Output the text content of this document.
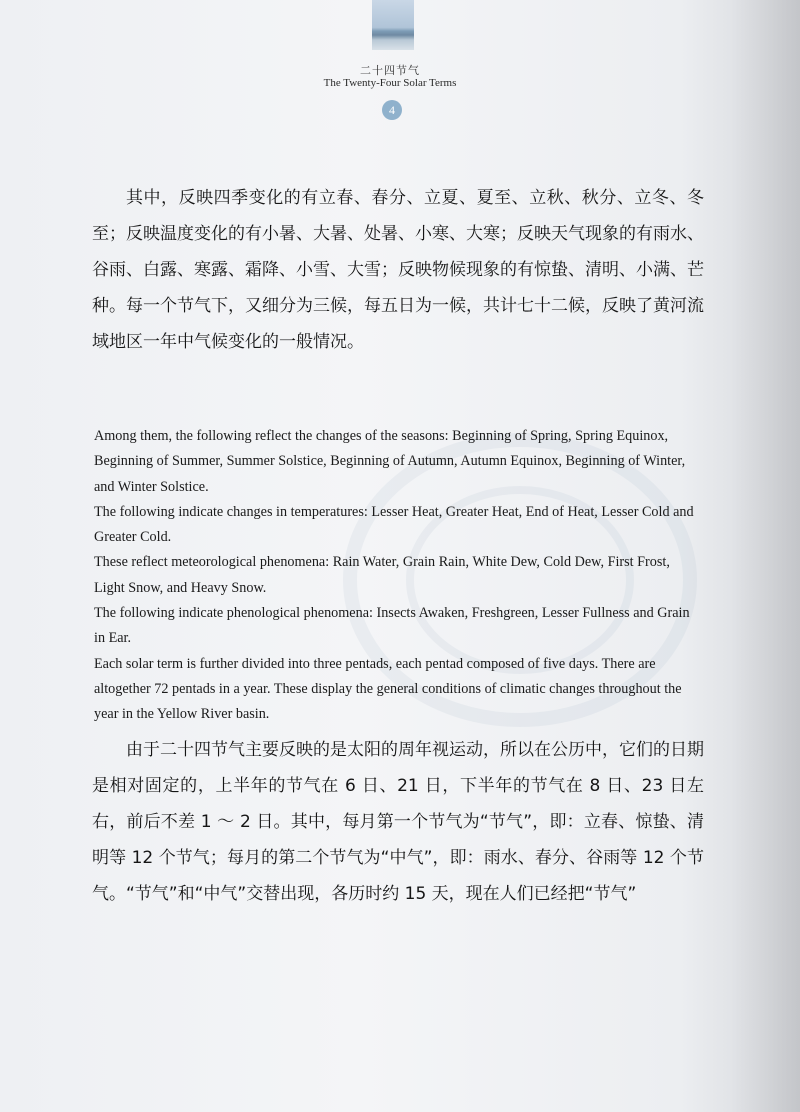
二十四节气
The Twenty-Four Solar Terms
4

其中，反映四季变化的有立春、春分、立夏、夏至、立秋、秋分、立冬、冬至；反映温度变化的有小暑、大暑、处暑、小寒、大寒；反映天气现象的有雨水、谷雨、白露、寒露、霜降、小雪、大雪；反映物候现象的有惊蛰、清明、小满、芒种。每一个节气下，又细分为三候，每五日为一候，共计七十二候，反映了黄河流域地区一年中气候变化的一般情况。

Among them, the following reflect the changes of the seasons: Beginning of Spring, Spring Equinox, Beginning of Summer, Summer Solstice, Beginning of Autumn, Autumn Equinox, Beginning of Winter, and Winter Solstice.

The following indicate changes in temperatures: Lesser Heat, Greater Heat, End of Heat, Lesser Cold and Greater Cold.

These reflect meteorological phenomena: Rain Water, Grain Rain, White Dew, Cold Dew, First Frost, Light Snow, and Heavy Snow.

The following indicate phenological phenomena: Insects Awaken, Freshgreen, Lesser Fullness and Grain in Ear.

Each solar term is further divided into three pentads, each pentad composed of five days. There are altogether 72 pentads in a year. These display the general conditions of climatic changes throughout the year in the Yellow River basin.

由于二十四节气主要反映的是太阳的周年视运动，所以在公历中，它们的日期是相对固定的，上半年的节气在 6 日、21 日，下半年的节气在 8 日、23 日左右，前后不差 1 ～ 2 日。其中，每月第一个节气为“节气”，即：立春、惊蛰、清明等 12 个节气；每月的第二个节气为“中气”，即：雨水、春分、谷雨等 12 个节气。“节气”和“中气”交替出现，各历时约 15 天，现在人们已经把“节气”
